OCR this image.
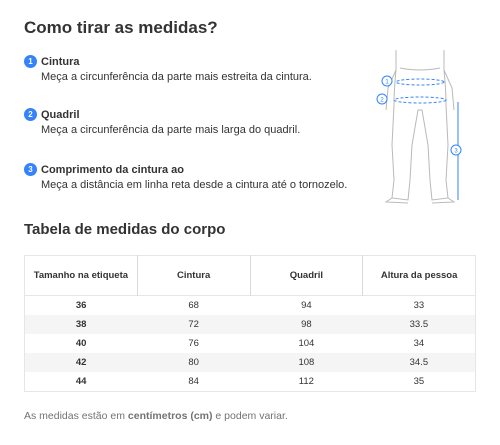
Como tirar as medidas?
1 Cintura
Meça a circunferência da parte mais estreita da cintura.
2 Quadril
Meça a circunferência da parte mais larga do quadril.
3 Comprimento da cintura ao
Meça a distância em linha reta desde a cintura até o tornozelo.
1
2
3
Tabela de medidas do corpo
Tamanho na etiqueta	Cintura	Quadril	Altura da pessoa
36	68	94	33
38	72	98	33.5
40	76	104	34
42	80	108	34.5
44	84	112	35

As medidas estão em centímetros (cm) e podem variar.
